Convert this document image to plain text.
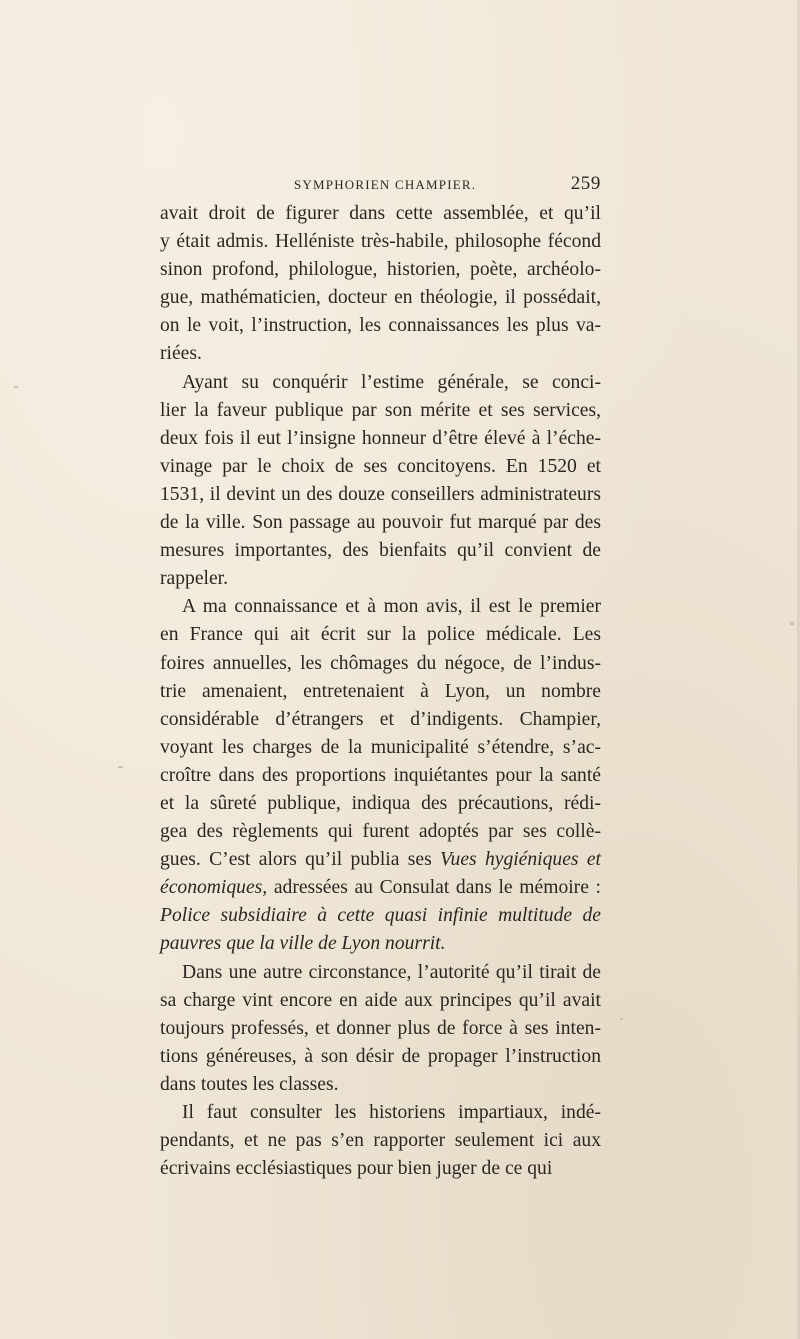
SYMPHORIEN CHAMPIER.	259
avait droit de figurer dans cette assemblée, et qu’il
y était admis. Helléniste très-habile, philosophe fécond
sinon profond, philologue, historien, poète, archéolo-
gue, mathématicien, docteur en théologie, il possédait,
on le voit, l’instruction, les connaissances les plus va-
riées.
Ayant su conquérir l’estime générale, se conci-
lier la faveur publique par son mérite et ses services,
deux fois il eut l’insigne honneur d’être élevé à l’éche-
vinage par le choix de ses concitoyens. En 1520 et
1531, il devint un des douze conseillers administrateurs
de la ville. Son passage au pouvoir fut marqué par des
mesures importantes, des bienfaits qu’il convient de
rappeler.
A ma connaissance et à mon avis, il est le premier
en France qui ait écrit sur la police médicale. Les
foires annuelles, les chômages du négoce, de l’indus-
trie amenaient, entretenaient à Lyon, un nombre
considérable d’étrangers et d’indigents. Champier,
voyant les charges de la municipalité s’étendre, s’ac-
croître dans des proportions inquiétantes pour la santé
et la sûreté publique, indiqua des précautions, rédi-
gea des règlements qui furent adoptés par ses collè-
gues. C’est alors qu’il publia ses Vues hygiéniques et
économiques, adressées au Consulat dans le mémoire :
Police subsidiaire à cette quasi infinie multitude de
pauvres que la ville de Lyon nourrit.
Dans une autre circonstance, l’autorité qu’il tirait de
sa charge vint encore en aide aux principes qu’il avait
toujours professés, et donner plus de force à ses inten-
tions généreuses, à son désir de propager l’instruction
dans toutes les classes.
Il faut consulter les historiens impartiaux, indé-
pendants, et ne pas s’en rapporter seulement ici aux
écrivains ecclésiastiques pour bien juger de ce qui
